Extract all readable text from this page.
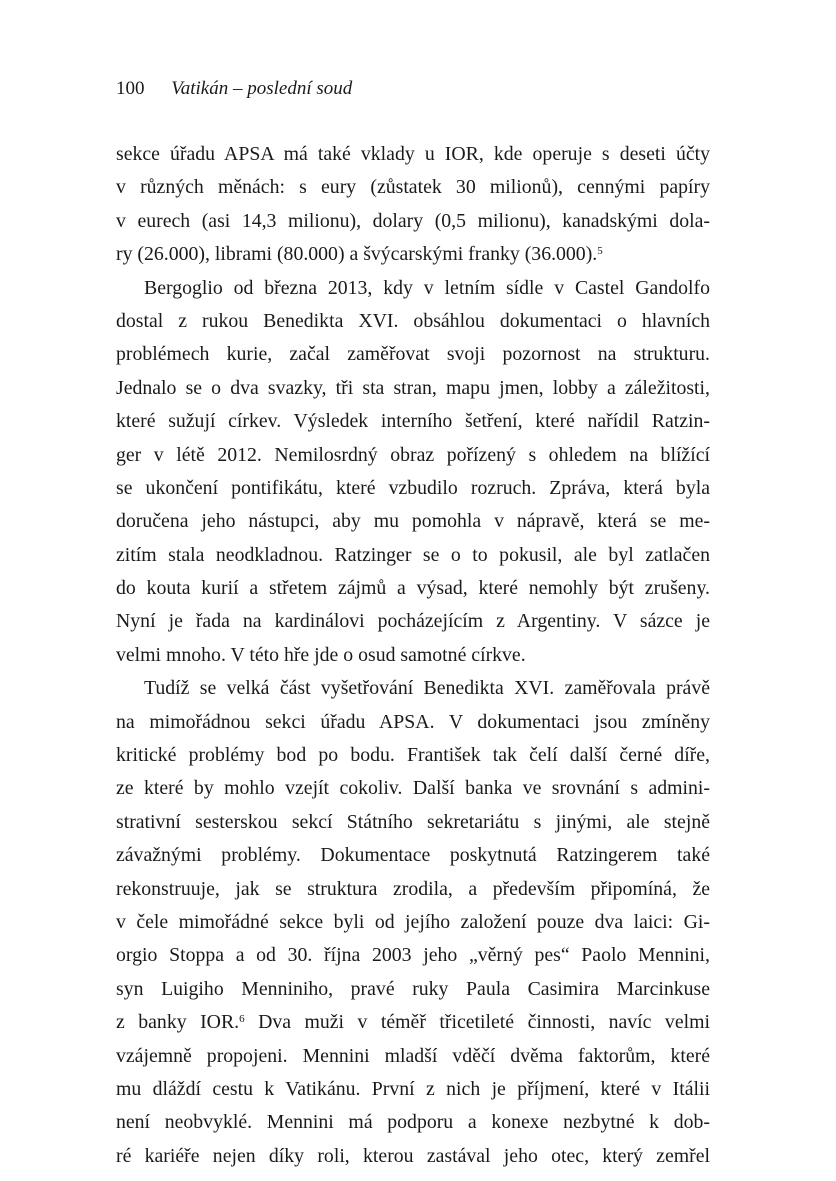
100 Vatikán – poslední soud
sekce úřadu APSA má také vklady u IOR, kde operuje s deseti účty
v různých měnách: s eury (zůstatek 30 milionů), cennými papíry
v eurech (asi 14,3 milionu), dolary (0,5 milionu), kanadskými dola-
ry (26.000), librami (80.000) a švýcarskými franky (36.000).$^5$
Bergoglio od března 2013, kdy v letním sídle v Castel Gandolfo
dostal z rukou Benedikta XVI. obsáhlou dokumentaci o hlavních
problémech kurie, začal zaměřovat svoji pozornost na strukturu.
Jednalo se o dva svazky, tři sta stran, mapu jmen, lobby a záležitosti,
které sužují církev. Výsledek interního šetření, které nařídil Ratzin-
ger v létě 2012. Nemilosrdný obraz pořízený s ohledem na blížící
se ukončení pontifikátu, které vzbudilo rozruch. Zpráva, která byla
doručena jeho nástupci, aby mu pomohla v nápravě, která se me-
zitím stala neodkladnou. Ratzinger se o to pokusil, ale byl zatlačen
do kouta kurií a střetem zájmů a výsad, které nemohly být zrušeny.
Nyní je řada na kardinálovi pocházejícím z Argentiny. V sázce je
velmi mnoho. V této hře jde o osud samotné církve.
Tudíž se velká část vyšetřování Benedikta XVI. zaměřovala právě
na mimořádnou sekci úřadu APSA. V dokumentaci jsou zmíněny
kritické problémy bod po bodu. František tak čelí další černé díře,
ze které by mohlo vzejít cokoliv. Další banka ve srovnání s admini-
strativní sesterskou sekcí Státního sekretariátu s jinými, ale stejně
závažnými problémy. Dokumentace poskytnutá Ratzingerem také
rekonstruuje, jak se struktura zrodila, a především připomíná, že
v čele mimořádné sekce byli od jejího založení pouze dva laici: Gi-
orgio Stoppa a od 30. října 2003 jeho „věrný pes“ Paolo Mennini,
syn Luigiho Menniniho, pravé ruky Paula Casimira Marcinkuse
z banky IOR.$^6$ Dva muži v téměř třicetileté činnosti, navíc velmi
vzájemně propojeni. Mennini mladší vděčí dvěma faktorům, které
mu dláždí cestu k Vatikánu. První z nich je příjmení, které v Itálii
není neobvyklé. Mennini má podporu a konexe nezbytné k dob-
ré kariéře nejen díky roli, kterou zastával jeho otec, který zemřel
